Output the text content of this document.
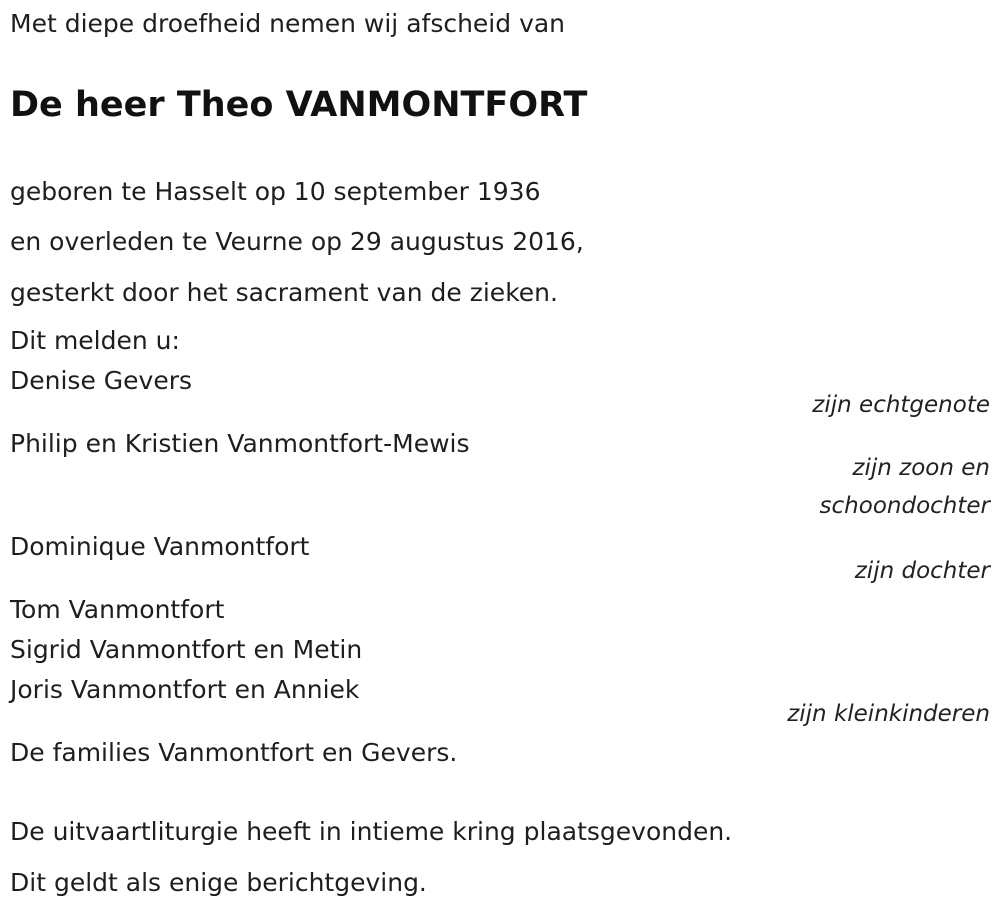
Met diepe droefheid nemen wij afscheid van
De heer Theo VANMONTFORT
geboren te Hasselt op 10 september 1936
en overleden te Veurne op 29 augustus 2016,
gesterkt door het sacrament van de zieken.
Dit melden u:
Denise Gevers
zijn echtgenote
Philip en Kristien Vanmontfort-Mewis
zijn zoon en
schoondochter
Dominique Vanmontfort
zijn dochter
Tom Vanmontfort
Sigrid Vanmontfort en Metin
Joris Vanmontfort en Anniek
zijn kleinkinderen
De families Vanmontfort en Gevers.
De uitvaartliturgie heeft in intieme kring plaatsgevonden.
Dit geldt als enige berichtgeving.
